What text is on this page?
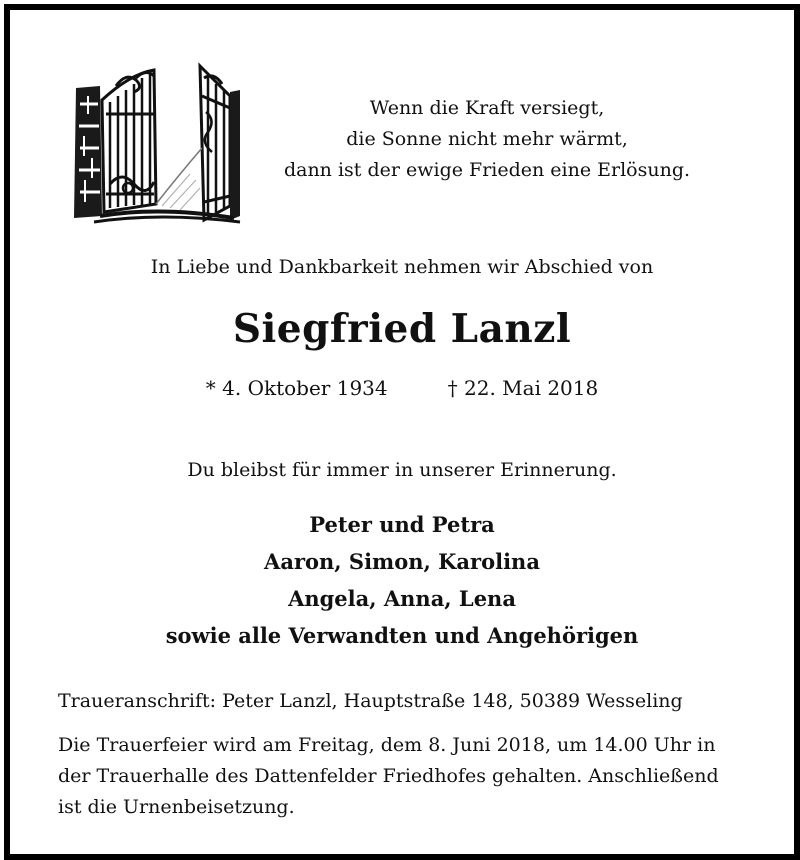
Wenn die Kraft versiegt,
die Sonne nicht mehr wärmt,
dann ist der ewige Frieden eine Erlösung.
In Liebe und Dankbarkeit nehmen wir Abschied von
Siegfried Lanzl
* 4. Oktober 1934	† 22. Mai 2018
Du bleibst für immer in unserer Erinnerung.
Peter und Petra
Aaron, Simon, Karolina
Angela, Anna, Lena
sowie alle Verwandten und Angehörigen
Traueranschrift: Peter Lanzl, Hauptstraße 148, 50389 Wesseling
Die Trauerfeier wird am Freitag, dem 8. Juni 2018, um 14.00 Uhr in
der Trauerhalle des Dattenfelder Friedhofes gehalten. Anschließend
ist die Urnenbeisetzung.
